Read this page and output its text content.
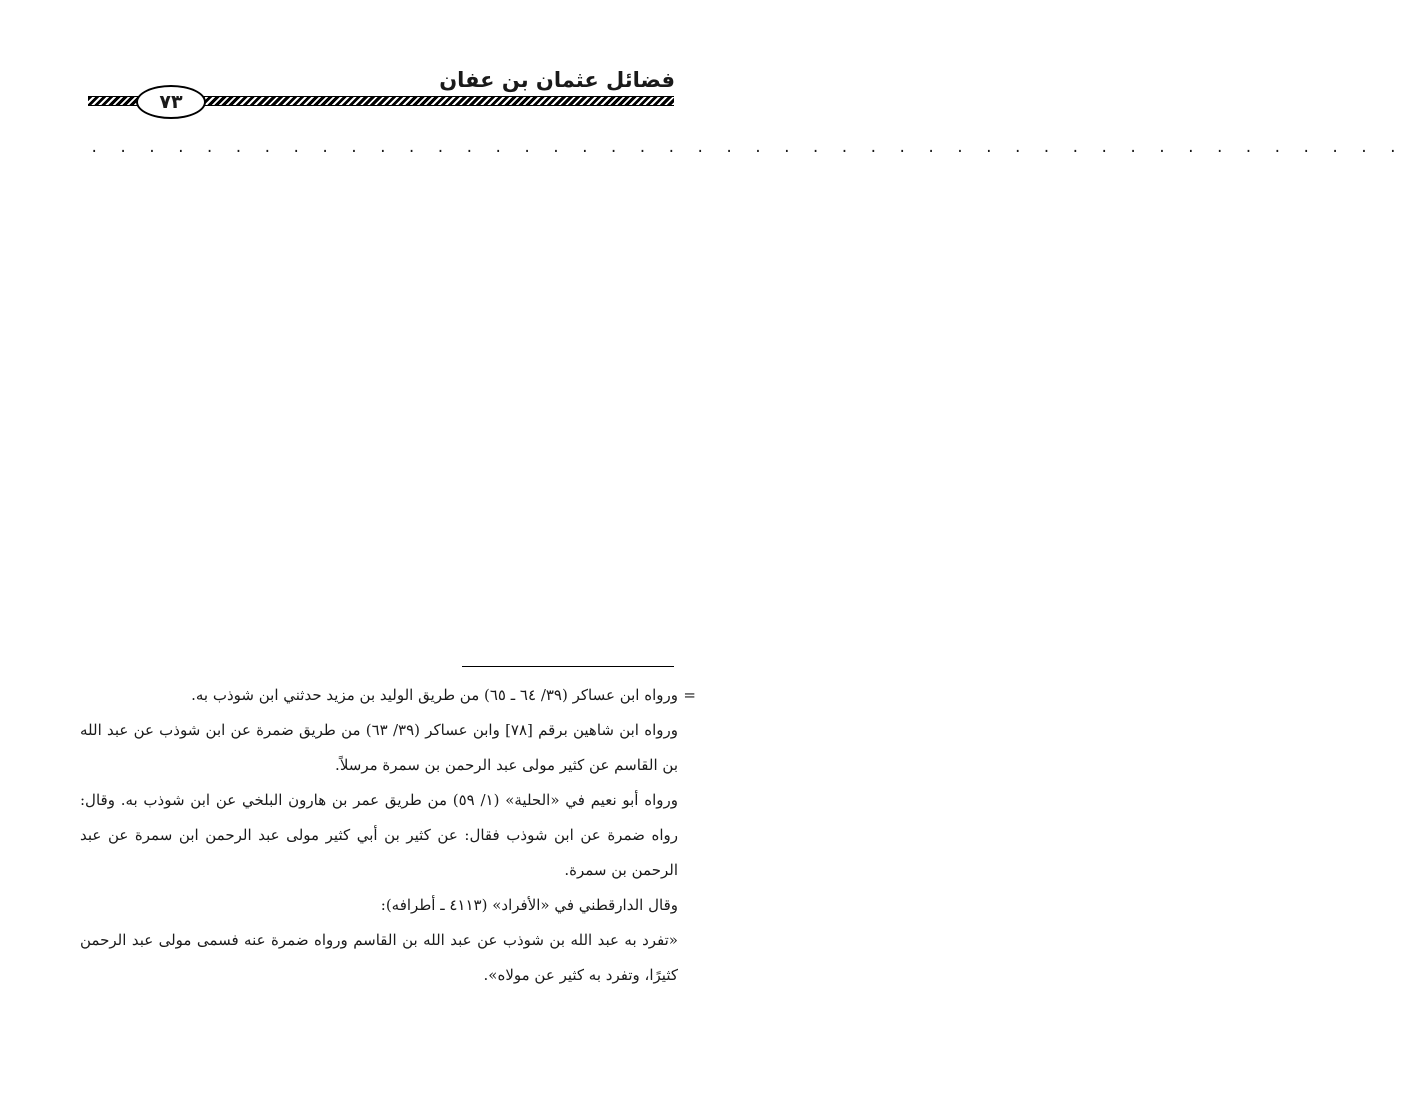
فضائل عثمان بن عفان
٧٣
. . . . . . . . . . . . . . . . . . . . . . . . . . . . . . . . . . . . . . . . . . . . . .
=

ورواه ابن عساكر (٣٩/ ٦٤ ـ ٦٥) من طريق الوليد بن مزيد حدثني ابن شوذب به.

ورواه ابن شاهين برقم [٧٨] وابن عساكر (٣٩/ ٦٣) من طريق ضمرة عن ابن شوذب عن عبد الله بن القاسم عن كثير مولى عبد الرحمن بن سمرة مرسلاً.

ورواه أبو نعيم في «الحلية» (١/ ٥٩) من طريق عمر بن هارون البلخي عن ابن شوذب به. وقال: رواه ضمرة عن ابن شوذب فقال: عن كثير بن أبي كثير مولى عبد الرحمن ابن سمرة عن عبد الرحمن بن سمرة.

وقال الدارقطني في «الأفراد» (٤١١٣ ـ أطرافه):

«تفرد به عبد الله بن شوذب عن عبد الله بن القاسم ورواه ضمرة عنه فسمى مولى عبد الرحمن كثيرًا، وتفرد به كثير عن مولاه».
